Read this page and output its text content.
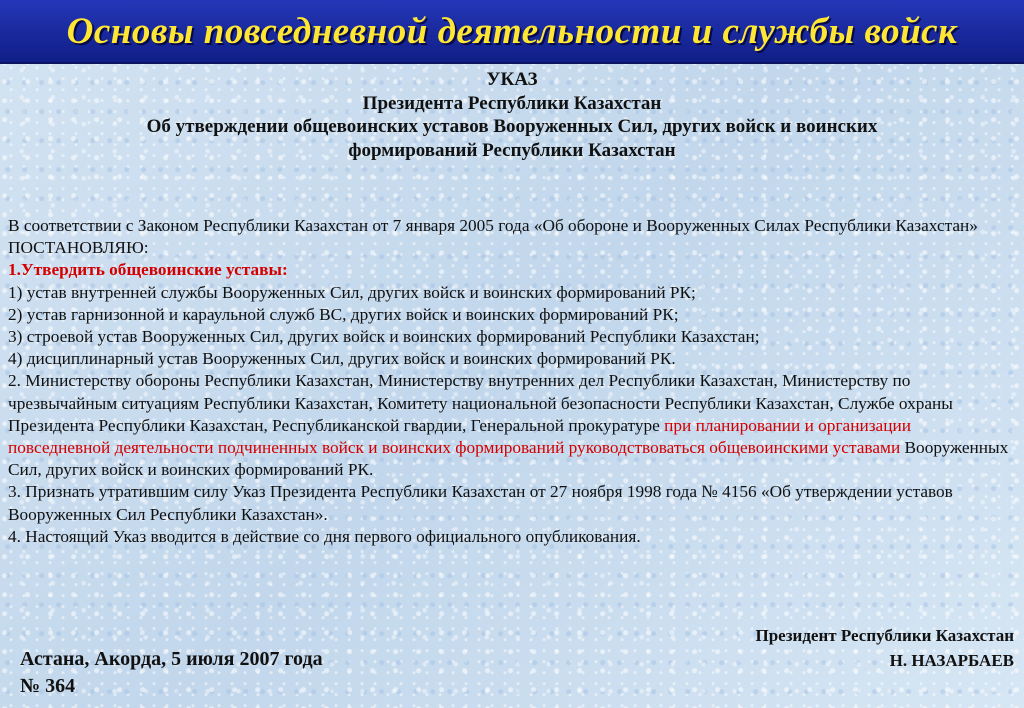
Основы повседневной деятельности и службы войск
УКАЗ
Президента Республики Казахстан
Об утверждении общевоинских уставов Вооруженных Сил, других войск и воинских
формирований Республики Казахстан

В соответствии с Законом Республики Казахстан от 7 января 2005 года «Об обороне и Вооруженных Силах Республики Казахстан» ПОСТАНОВЛЯЮ:

1.Утвердить общевоинские уставы:

1) устав внутренней службы Вооруженных Сил, других войск и воинских формирований РК;

2) устав гарнизонной и караульной служб ВС, других войск и воинских формирований РК;

3) строевой устав Вооруженных Сил, других войск и воинских формирований Республики Казахстан;

4) дисциплинарный устав Вооруженных Сил, других войск и воинских формирований РК.

2. Министерству обороны Республики Казахстан, Министерству внутренних дел Республики Казахстан, Министерству по чрезвычайным ситуациям Республики Казахстан, Комитету национальной безопасности Республики Казахстан, Службе охраны Президента Республики Казахстан, Республиканской гвардии, Генеральной прокуратуре при планировании и организации повседневной деятельности подчиненных войск и воинских формирований руководствоваться общевоинскими уставами Вооруженных Сил, других войск и воинских формирований РК.

3. Признать утратившим силу Указ Президента Республики Казахстан от 27 ноября 1998 года № 4156 «Об утверждении уставов Вооруженных Сил Республики Казахстан».

4. Настоящий Указ вводится в действие со дня первого официального опубликования.

Президент Республики Казахстан
Н. НАЗАРБАЕВ
Астана, Акорда, 5 июля 2007 года
№ 364
